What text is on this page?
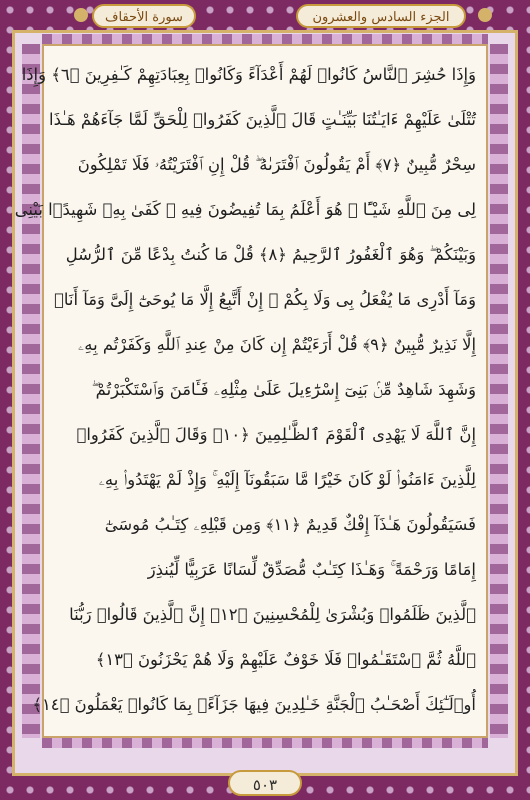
سورة الأحقاف	الجزء السادس والعشرون
وَإِذَا حُشِرَ ٱلنَّاسُ كَانُوا۟ لَهُمْ أَعْدَآءً وَكَانُوا۟ بِعِبَادَتِهِمْ كَـٰفِرِينَ ﴿٦﴾ وَإِذَا
تُتْلَىٰ عَلَيْهِمْ ءَايَـٰتُنَا بَيِّنَـٰتٍ قَالَ ٱلَّذِينَ كَفَرُوا۟ لِلْحَقِّ لَمَّا جَآءَهُمْ هَـٰذَا
سِحْرٌ مُّبِينٌ ﴿٧﴾ أَمْ يَقُولُونَ ٱفْتَرَىٰهُ ۖ قُلْ إِنِ ٱفْتَرَيْتُهُۥ فَلَا تَمْلِكُونَ
لِى مِنَ ٱللَّهِ شَيْـًٔا ۖ هُوَ أَعْلَمُ بِمَا تُفِيضُونَ فِيهِ ۖ كَفَىٰ بِهِۦ شَهِيدًۢا بَيْنِى
وَبَيْنَكُمْ ۖ وَهُوَ ٱلْغَفُورُ ٱلرَّحِيمُ ﴿٨﴾ قُلْ مَا كُنتُ بِدْعًا مِّنَ ٱلرُّسُلِ
وَمَآ أَدْرِى مَا يُفْعَلُ بِى وَلَا بِكُمْ ۖ إِنْ أَتَّبِعُ إِلَّا مَا يُوحَىٰٓ إِلَىَّ وَمَآ أَنَا۠
إِلَّا نَذِيرٌ مُّبِينٌ ﴿٩﴾ قُلْ أَرَءَيْتُمْ إِن كَانَ مِنْ عِندِ ٱللَّهِ وَكَفَرْتُم بِهِۦ
وَشَهِدَ شَاهِدٌ مِّنۢ بَنِىٓ إِسْرَٰٓءِيلَ عَلَىٰ مِثْلِهِۦ فَـَٔامَنَ وَٱسْتَكْبَرْتُمْ ۖ
إِنَّ ٱللَّهَ لَا يَهْدِى ٱلْقَوْمَ ٱلظَّـٰلِمِينَ ﴿١٠﴾ وَقَالَ ٱلَّذِينَ كَفَرُوا۟
لِلَّذِينَ ءَامَنُوا۟ لَوْ كَانَ خَيْرًا مَّا سَبَقُونَآ إِلَيْهِ ۚ وَإِذْ لَمْ يَهْتَدُوا۟ بِهِۦ
فَسَيَقُولُونَ هَـٰذَآ إِفْكٌ قَدِيمٌ ﴿١١﴾ وَمِن قَبْلِهِۦ كِتَـٰبُ مُوسَىٰٓ
إِمَامًا وَرَحْمَةً ۚ وَهَـٰذَا كِتَـٰبٌ مُّصَدِّقٌ لِّسَانًا عَرَبِيًّا لِّيُنذِرَ
ٱلَّذِينَ ظَلَمُوا۟ وَبُشْرَىٰ لِلْمُحْسِنِينَ ﴿١٢﴾ إِنَّ ٱلَّذِينَ قَالُوا۟ رَبُّنَا
ٱللَّهُ ثُمَّ ٱسْتَقَـٰمُوا۟ فَلَا خَوْفٌ عَلَيْهِمْ وَلَا هُمْ يَحْزَنُونَ ﴿١٣﴾
أُو۟لَـٰٓئِكَ أَصْحَـٰبُ ٱلْجَنَّةِ خَـٰلِدِينَ فِيهَا جَزَآءًۢ بِمَا كَانُوا۟ يَعْمَلُونَ ﴿١٤﴾
٥٠٣
